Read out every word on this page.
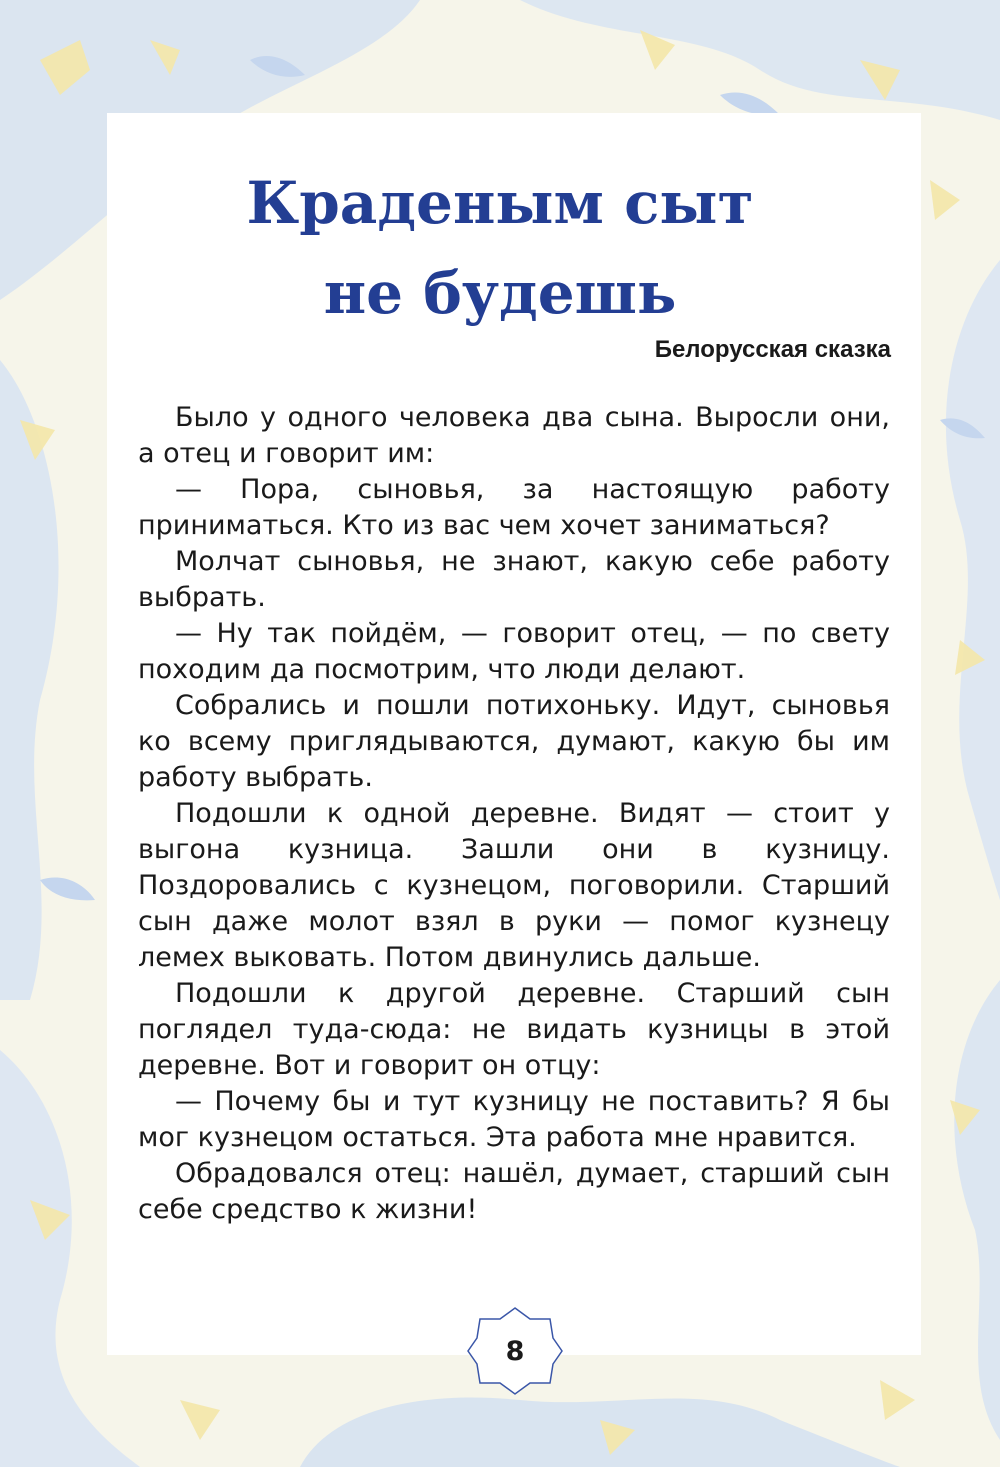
Краденым сыт
не будешь

Белорусская сказка

Было у одного человека два сына. Выросли они, а отец и говорит им:

— Пора, сыновья, за настоящую работу приниматься. Кто из вас чем хочет заниматься?

Молчат сыновья, не знают, какую себе работу выбрать.

— Ну так пойдём, — говорит отец, — по свету походим да посмотрим, что люди делают.

Собрались и пошли потихоньку. Идут, сыновья ко всему приглядываются, думают, какую бы им работу выбрать.

Подошли к одной деревне. Видят — стоит у выгона кузница. Зашли они в кузницу. Поздоровались с кузнецом, поговорили. Старший сын даже молот взял в руки — помог кузнецу лемех выковать. Потом двинулись дальше.

Подошли к другой деревне. Старший сын поглядел туда-сюда: не видать кузницы в этой деревне. Вот и говорит он отцу:

— Почему бы и тут кузницу не поставить? Я бы мог кузнецом остаться. Эта работа мне нравится.

Обрадовался отец: нашёл, думает, старший сын себе средство к жизни!

8
